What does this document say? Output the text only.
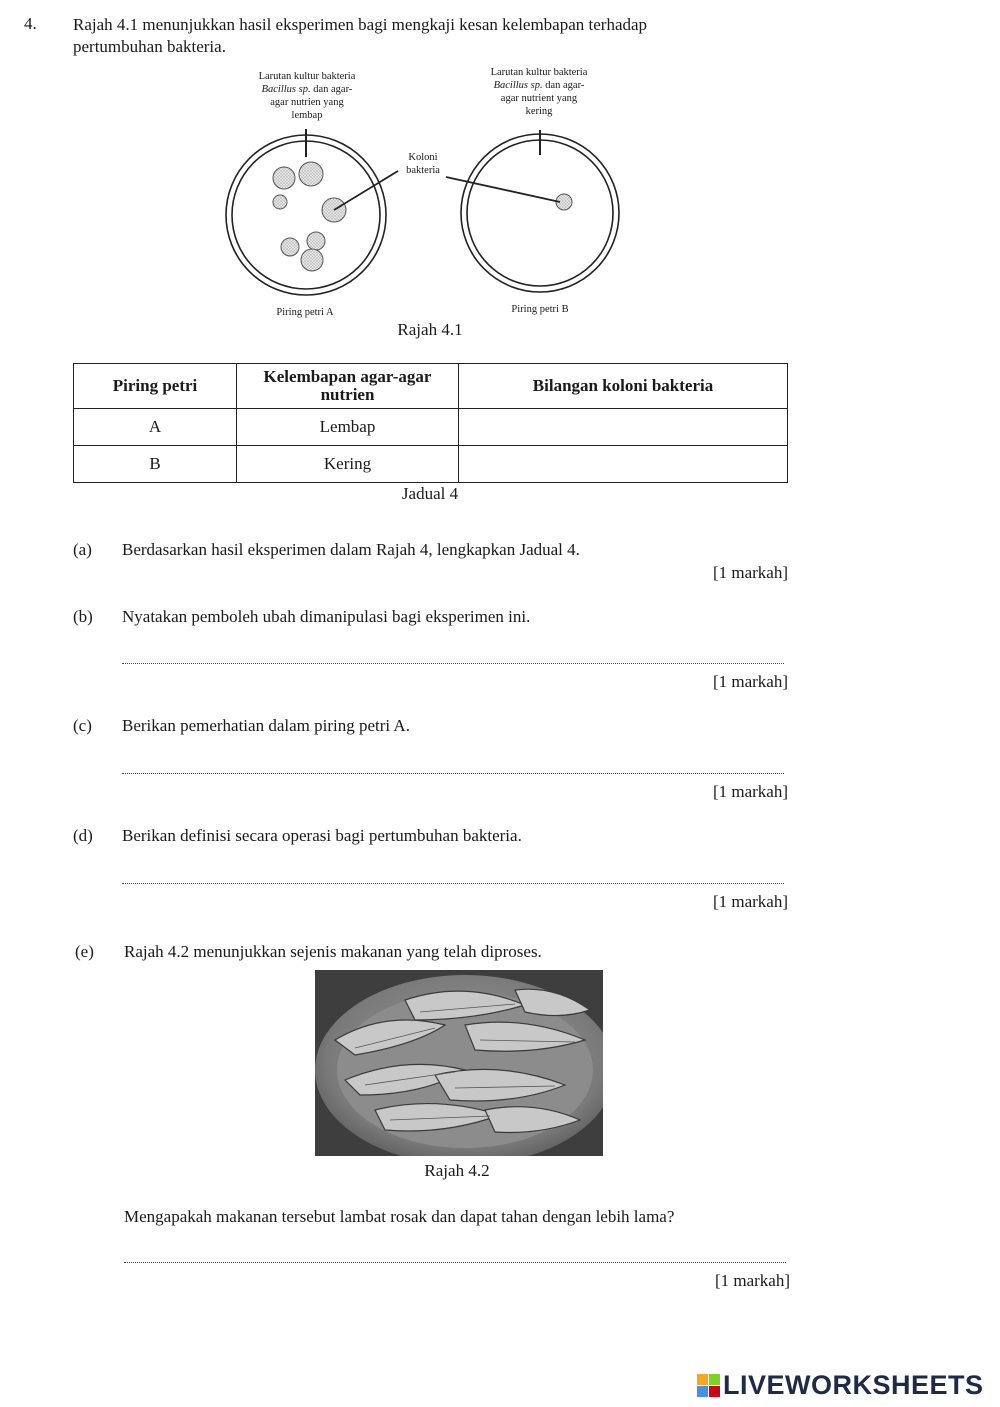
4. Rajah 4.1 menunjukkan hasil eksperimen bagi mengkaji kesan kelembapan terhadap
pertumbuhan bakteria.
Larutan kultur bakteria
Bacillus sp. dan agar-
agar nutrien yang
lembap
Larutan kultur bakteria
Bacillus sp. dan agar-
agar nutrient yang
kering
Koloni
bakteria
Piring petri A	Piring petri B
Rajah 4.1
Piring petri	Kelembapan agar-agar nutrien	Bilangan koloni bakteria
A	Lembap	
B	Kering	
Jadual 4
(a) Berdasarkan hasil eksperimen dalam Rajah 4, lengkapkan Jadual 4.
[1 markah]
(b) Nyatakan pemboleh ubah dimanipulasi bagi eksperimen ini.
[1 markah]
(c) Berikan pemerhatian dalam piring petri A.
[1 markah]
(d) Berikan definisi secara operasi bagi pertumbuhan bakteria.
[1 markah]
(e) Rajah 4.2 menunjukkan sejenis makanan yang telah diproses.
Rajah 4.2
Mengapakah makanan tersebut lambat rosak dan dapat tahan dengan lebih lama?
[1 markah]
LIVEWORKSHEETS
